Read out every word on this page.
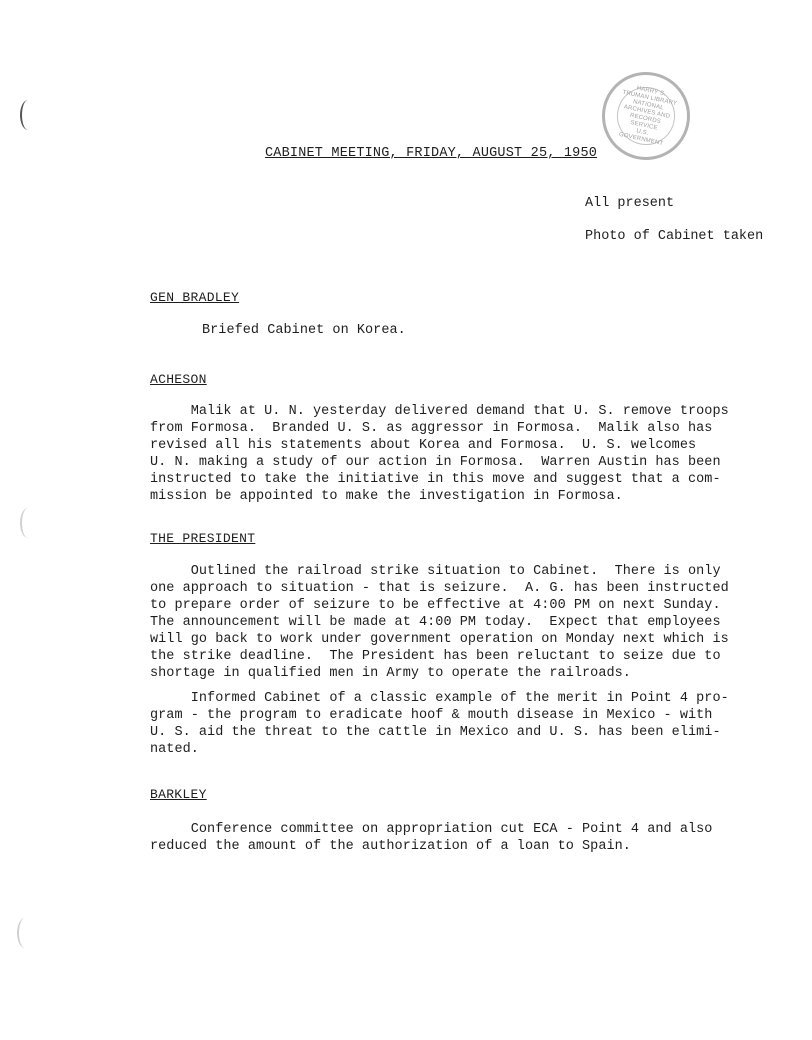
HARRY S. TRUMAN LIBRARY
NATIONAL
ARCHIVES AND
RECORDS
SERVICE
U.S. GOVERNMENT
CABINET MEETING, FRIDAY, AUGUST 25, 1950
All present
Photo of Cabinet taken
GEN BRADLEY

Briefed Cabinet on Korea.

ACHESON

Malik at U. N. yesterday delivered demand that U. S. remove troops
from Formosa.  Branded U. S. as aggressor in Formosa.  Malik also has
revised all his statements about Korea and Formosa.  U. S. welcomes
U. N. making a study of our action in Formosa.  Warren Austin has been
instructed to take the initiative in this move and suggest that a com-
mission be appointed to make the investigation in Formosa.

THE PRESIDENT

Outlined the railroad strike situation to Cabinet.  There is only
one approach to situation - that is seizure.  A. G. has been instructed
to prepare order of seizure to be effective at 4:00 PM on next Sunday.
The announcement will be made at 4:00 PM today.  Expect that employees
will go back to work under government operation on Monday next which is
the strike deadline.  The President has been reluctant to seize due to
shortage in qualified men in Army to operate the railroads.

Informed Cabinet of a classic example of the merit in Point 4 pro-
gram - the program to eradicate hoof & mouth disease in Mexico - with
U. S. aid the threat to the cattle in Mexico and U. S. has been elimi-
nated.

BARKLEY

Conference committee on appropriation cut ECA - Point 4 and also
reduced the amount of the authorization of a loan to Spain.
